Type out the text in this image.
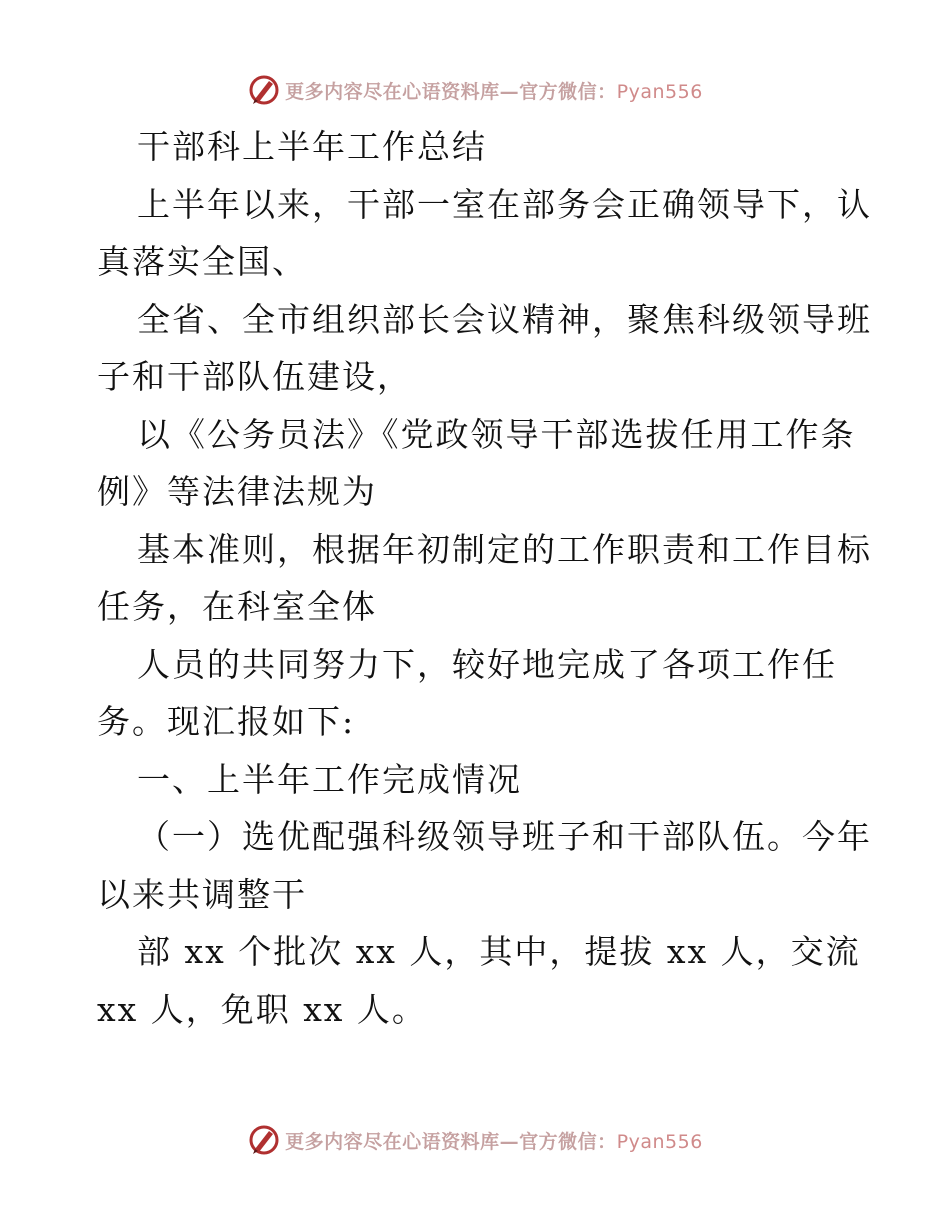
更多内容尽在心语资料库—官方微信：Pyan556
干部科上半年工作总结
上半年以来，干部一室在部务会正确领导下，认
真落实全国、
全省、全市组织部长会议精神，聚焦科级领导班
子和干部队伍建设，
以《公务员法》《党政领导干部选拔任用工作条
例》等法律法规为
基本准则，根据年初制定的工作职责和工作目标
任务，在科室全体
人员的共同努力下，较好地完成了各项工作任
务。现汇报如下:
一、上半年工作完成情况
（一）选优配强科级领导班子和干部队伍。今年
以来共调整干
部 xx 个批次 xx 人，其中，提拔 xx 人，交流
xx 人，免职 xx 人。
更多内容尽在心语资料库—官方微信：Pyan556
